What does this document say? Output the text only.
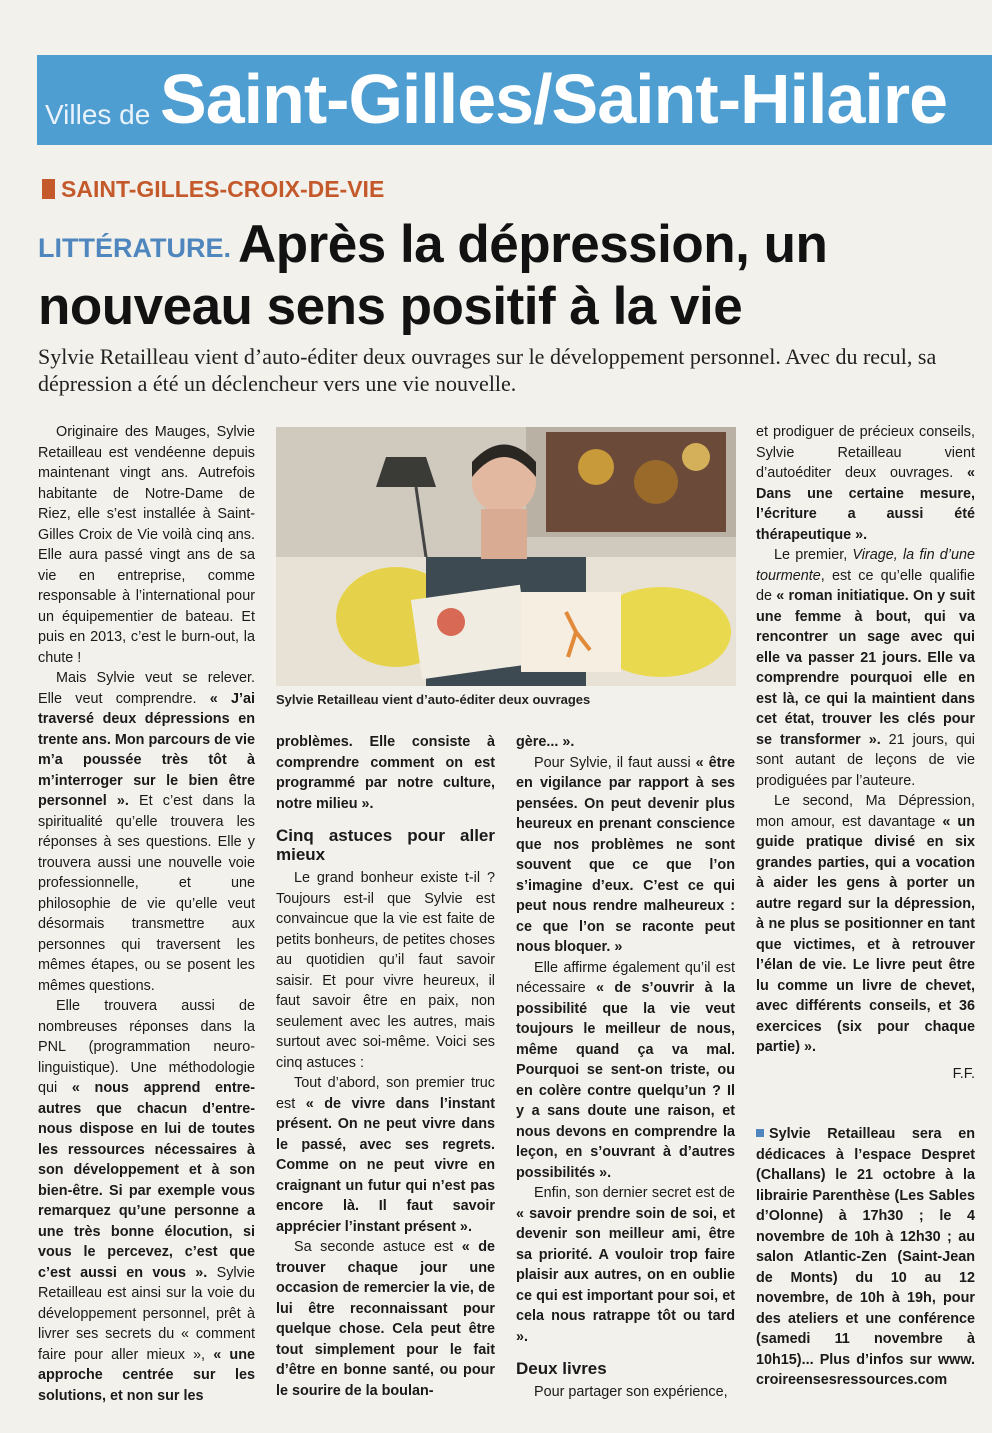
Villes de Saint-Gilles/Saint-Hilaire
SAINT-GILLES-CROIX-DE-VIE
Après la dépression, un nouveau sens positif à la vie
LITTÉRATURE.
Sylvie Retailleau vient d’auto-éditer deux ouvrages sur le développement personnel. Avec du recul, sa dépression a été un déclencheur vers une vie nouvelle.

Originaire des Mauges, Sylvie Retailleau est vendéenne depuis maintenant vingt ans. Autrefois habitante de Notre-Dame de Riez, elle s’est installée à Saint-Gilles Croix de Vie voilà cinq ans. Elle aura passé vingt ans de sa vie en entreprise, comme responsable à l’international pour un équipementier de bateau. Et puis en 2013, c’est le burn-out, la chute !

Mais Sylvie veut se relever. Elle veut comprendre. « J’ai traversé deux dépressions en trente ans. Mon parcours de vie m’a poussée très tôt à m’interroger sur le bien être personnel ». Et c’est dans la spiritualité qu’elle trouvera les réponses à ses questions. Elle y trouvera aussi une nouvelle voie professionnelle, et une philosophie de vie qu’elle veut désormais transmettre aux personnes qui traversent les mêmes étapes, ou se posent les mêmes questions.

Elle trouvera aussi de nombreuses réponses dans la PNL (programmation neuro-linguistique). Une méthodologie qui « nous apprend entre-autres que chacun d’entre-nous dispose en lui de toutes les ressources nécessaires à son développement et à son bien-être. Si par exemple vous remarquez qu’une personne a une très bonne élocution, si vous le percevez, c’est que c’est aussi en vous ». Sylvie Retailleau est ainsi sur la voie du développement personnel, prêt à livrer ses secrets du « comment faire pour aller mieux », « une approche centrée sur les solutions, et non sur les

Sylvie Retailleau vient d’auto-éditer deux ouvrages

problèmes. Elle consiste à comprendre comment on est programmé par notre culture, notre milieu ».

Cinq astuces pour aller mieux

Le grand bonheur existe t-il ? Toujours est-il que Sylvie est convaincue que la vie est faite de petits bonheurs, de petites choses au quotidien qu’il faut savoir saisir. Et pour vivre heureux, il faut savoir être en paix, non seulement avec les autres, mais surtout avec soi-même. Voici ses cinq astuces :

Tout d’abord, son premier truc est « de vivre dans l’instant présent. On ne peut vivre dans le passé, avec ses regrets. Comme on ne peut vivre en craignant un futur qui n’est pas encore là. Il faut savoir apprécier l’instant présent ».

Sa seconde astuce est « de trouver chaque jour une occasion de remercier la vie, de lui être reconnaissant pour quelque chose. Cela peut être tout simplement pour le fait d’être en bonne santé, ou pour le sourire de la boulan-

gère... ».

Pour Sylvie, il faut aussi « être en vigilance par rapport à ses pensées. On peut devenir plus heureux en prenant conscience que nos problèmes ne sont souvent que ce que l’on s’imagine d’eux. C’est ce qui peut nous rendre malheureux : ce que l’on se raconte peut nous bloquer. »

Elle affirme également qu’il est nécessaire « de s’ouvrir à la possibilité que la vie veut toujours le meilleur de nous, même quand ça va mal. Pourquoi se sent-on triste, ou en colère contre quelqu’un ? Il y a sans doute une raison, et nous devons en comprendre la leçon, en s’ouvrant à d’autres possibilités ».

Enfin, son dernier secret est de « savoir prendre soin de soi, et devenir son meilleur ami, être sa priorité. A vouloir trop faire plaisir aux autres, on en oublie ce qui est important pour soi, et cela nous ratrappe tôt ou tard ».

Deux livres

Pour partager son expérience,

et prodiguer de précieux conseils, Sylvie Retailleau vient d’autoéditer deux ouvrages. « Dans une certaine mesure, l’écriture a aussi été thérapeutique ».

Le premier, Virage, la fin d’une tourmente, est ce qu’elle qualifie de « roman initiatique. On y suit une femme à bout, qui va rencontrer un sage avec qui elle va passer 21 jours. Elle va comprendre pourquoi elle en est là, ce qui la maintient dans cet état, trouver les clés pour se transformer ». 21 jours, qui sont autant de leçons de vie prodiguées par l’auteure.

Le second, Ma Dépression, mon amour, est davantage « un guide pratique divisé en six grandes parties, qui a vocation à aider les gens à porter un autre regard sur la dépression, à ne plus se positionner en tant que victimes, et à retrouver l’élan de vie. Le livre peut être lu comme un livre de chevet, avec différents conseils, et 36 exercices (six pour chaque partie) ».

F.F.

Sylvie Retailleau sera en dédicaces à l’espace Despret (Challans) le 21 octobre à la librairie Parenthèse (Les Sables d’Olonne) à 17h30 ; le 4 novembre de 10h à 12h30 ; au salon Atlantic-Zen (Saint-Jean de Monts) du 10 au 12 novembre, de 10h à 19h, pour des ateliers et une conférence (samedi 11 novembre à 10h15)... Plus d’infos sur www. croireensesressources.com
